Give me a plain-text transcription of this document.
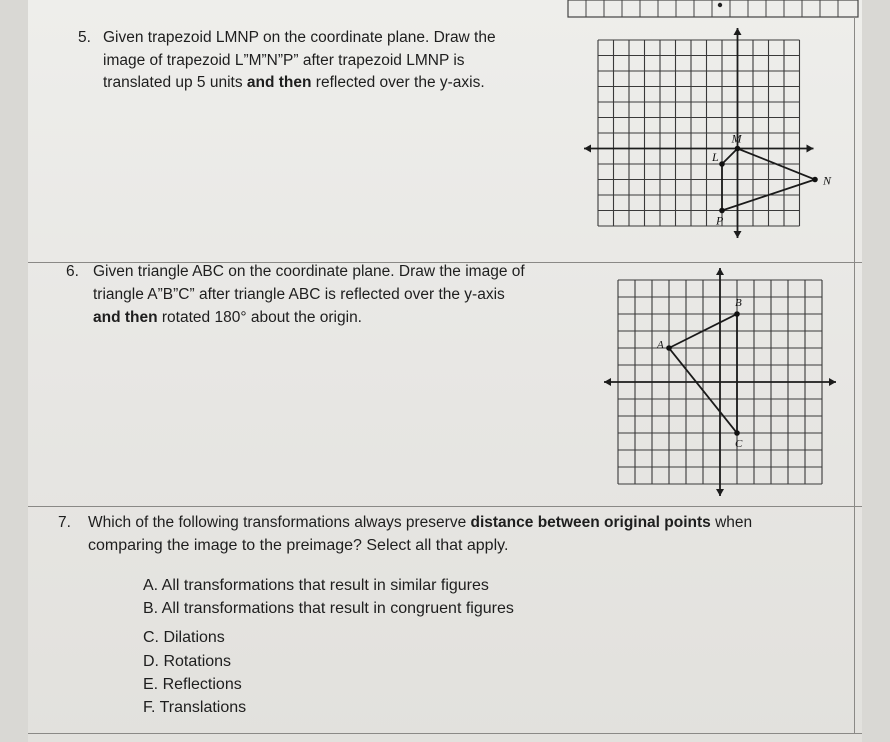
5. Given trapezoid LMNP on the coordinate plane. Draw the
image of trapezoid L”M”N”P” after trapezoid LMNP is
translated up 5 units and then reflected over the y-axis.
L
M
N
P
6. Given triangle ABC on the coordinate plane. Draw the image of
triangle A”B”C” after triangle ABC is reflected over the y-axis
and then rotated 180° about the origin.
A
B
C
7. Which of the following transformations always preserve distance between original points when
comparing the image to the preimage? Select all that apply.
A. All transformations that result in similar figures
B. All transformations that result in congruent figures
C. Dilations
D. Rotations
E. Reflections
F. Translations
